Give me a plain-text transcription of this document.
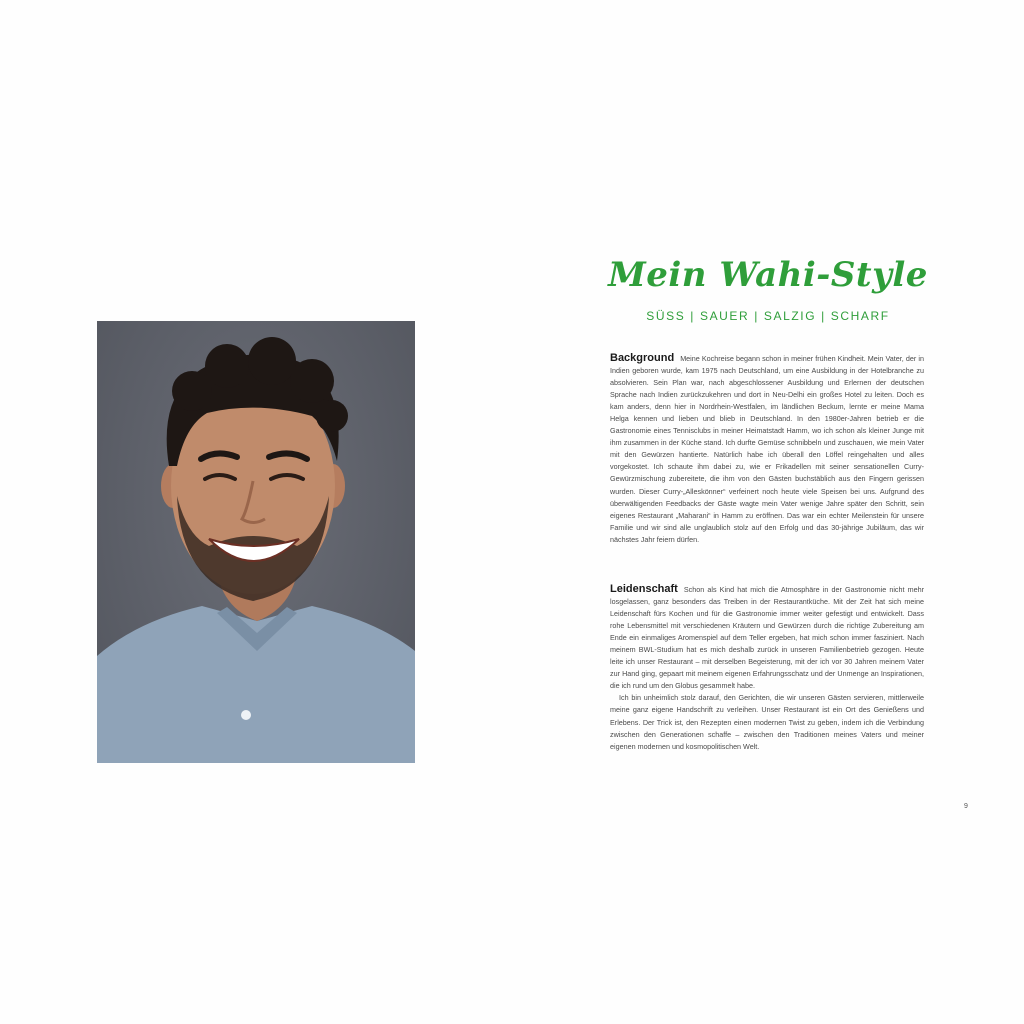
Mein Wahi-Style
SÜSS | SAUER | SALZIG | SCHARF

Background Meine Kochreise begann schon in meiner frühen Kindheit. Mein Vater, der in Indien geboren wurde, kam 1975 nach Deutschland, um eine Ausbildung in der Hotelbranche zu absolvieren. Sein Plan war, nach abgeschlossener Ausbildung und Erlernen der deutschen Sprache nach Indien zurückzukehren und dort in Neu-Delhi ein großes Hotel zu leiten. Doch es kam anders, denn hier in Nordrhein-Westfalen, im ländlichen Beckum, lernte er meine Mama Helga kennen und lieben und blieb in Deutschland. In den 1980er-Jahren betrieb er die Gastronomie eines Tennisclubs in meiner Heimatstadt Hamm, wo ich schon als kleiner Junge mit ihm zusammen in der Küche stand. Ich durfte Gemüse schnibbeln und zuschauen, wie mein Vater mit den Gewürzen hantierte. Natürlich habe ich überall den Löffel reingehalten und alles vorgekostet. Ich schaute ihm dabei zu, wie er Frikadellen mit seiner sensationellen Curry-Gewürzmischung zubereitete, die ihm von den Gästen buchstäblich aus den Fingern gerissen wurden. Dieser Curry-„Alleskönner“ verfeinert noch heute viele Speisen bei uns. Aufgrund des überwältigenden Feedbacks der Gäste wagte mein Vater wenige Jahre später den Schritt, sein eigenes Restaurant „Maharani“ in Hamm zu eröffnen. Das war ein echter Meilenstein für unsere Familie und wir sind alle unglaublich stolz auf den Erfolg und das 30-jährige Jubiläum, das wir nächstes Jahr feiern dürfen.

Leidenschaft Schon als Kind hat mich die Atmosphäre in der Gastronomie nicht mehr losgelassen, ganz besonders das Treiben in der Restaurantküche. Mit der Zeit hat sich meine Leidenschaft fürs Kochen und für die Gastronomie immer weiter gefestigt und entwickelt. Dass rohe Lebensmittel mit verschiedenen Kräutern und Gewürzen durch die richtige Zubereitung am Ende ein einmaliges Aromenspiel auf dem Teller ergeben, hat mich schon immer fasziniert. Nach meinem BWL-Studium hat es mich deshalb zurück in unseren Familienbetrieb gezogen. Heute leite ich unser Restaurant – mit derselben Begeisterung, mit der ich vor 30 Jahren meinem Vater zur Hand ging, gepaart mit meinem eigenen Erfahrungsschatz und der Unmenge an Inspirationen, die ich rund um den Globus gesammelt habe.

Ich bin unheimlich stolz darauf, den Gerichten, die wir unseren Gästen servieren, mittlerweile meine ganz eigene Handschrift zu verleihen. Unser Restaurant ist ein Ort des Genießens und Erlebens. Der Trick ist, den Rezepten einen modernen Twist zu geben, indem ich die Verbindung zwischen den Generationen schaffe – zwischen den Traditionen meines Vaters und meiner eigenen modernen und kosmopolitischen Welt.

9
